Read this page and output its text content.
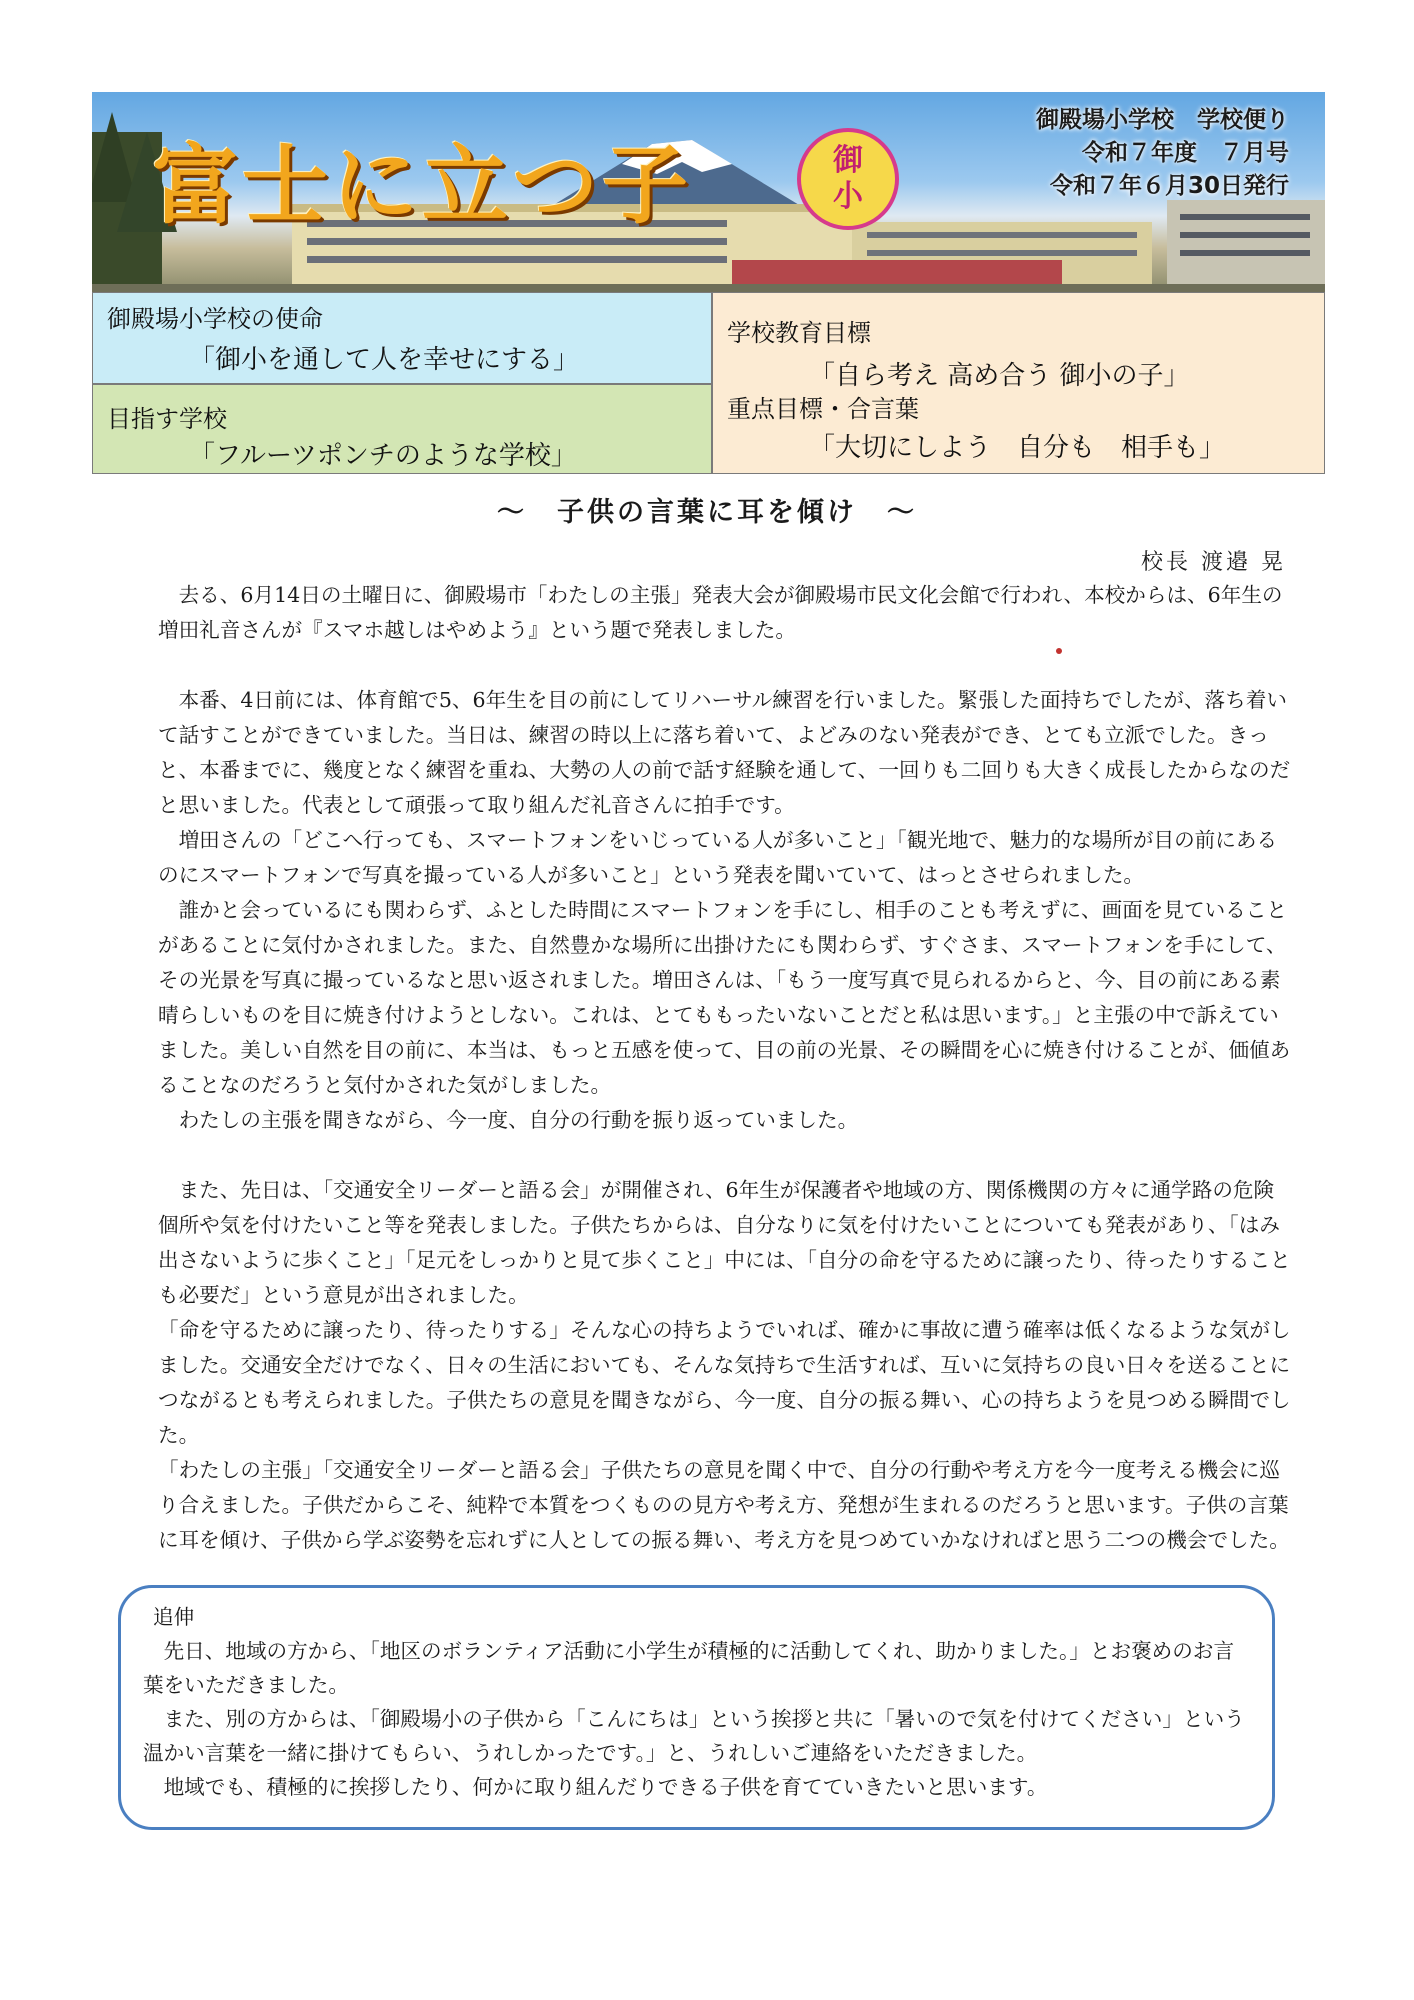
富士に立つ子	御
小
御殿場小学校　学校便り
令和７年度　７月号
令和７年６月30日発行
御殿場小学校の使命
「御小を通して人を幸せにする」
目指す学校
「フルーツポンチのような学校」
学校教育目標
「自ら考え 高め合う 御小の子」
重点目標・合言葉
「大切にしよう　自分も　相手も」
～　子供の言葉に耳を傾け　～
校長 渡邉 晃

　去る、6月14日の土曜日に、御殿場市「わたしの主張」発表大会が御殿場市民文化会館で行われ、本校からは、6年生の増田礼音さんが『スマホ越しはやめよう』という題で発表しました。

　本番、4日前には、体育館で5、6年生を目の前にしてリハーサル練習を行いました。緊張した面持ちでしたが、落ち着いて話すことができていました。当日は、練習の時以上に落ち着いて、よどみのない発表ができ、とても立派でした。きっと、本番までに、幾度となく練習を重ね、大勢の人の前で話す経験を通して、一回りも二回りも大きく成長したからなのだと思いました。代表として頑張って取り組んだ礼音さんに拍手です。

　増田さんの「どこへ行っても、スマートフォンをいじっている人が多いこと」「観光地で、魅力的な場所が目の前にあるのにスマートフォンで写真を撮っている人が多いこと」という発表を聞いていて、はっとさせられました。

　誰かと会っているにも関わらず、ふとした時間にスマートフォンを手にし、相手のことも考えずに、画面を見ていることがあることに気付かされました。また、自然豊かな場所に出掛けたにも関わらず、すぐさま、スマートフォンを手にして、その光景を写真に撮っているなと思い返されました。増田さんは、「もう一度写真で見られるからと、今、目の前にある素晴らしいものを目に焼き付けようとしない。これは、とてももったいないことだと私は思います。」と主張の中で訴えていました。美しい自然を目の前に、本当は、もっと五感を使って、目の前の光景、その瞬間を心に焼き付けることが、価値あることなのだろうと気付かされた気がしました。

　わたしの主張を聞きながら、今一度、自分の行動を振り返っていました。

　また、先日は、「交通安全リーダーと語る会」が開催され、6年生が保護者や地域の方、関係機関の方々に通学路の危険個所や気を付けたいこと等を発表しました。子供たちからは、自分なりに気を付けたいことについても発表があり、「はみ出さないように歩くこと」「足元をしっかりと見て歩くこと」中には、「自分の命を守るために譲ったり、待ったりすることも必要だ」という意見が出されました。

「命を守るために譲ったり、待ったりする」そんな心の持ちようでいれば、確かに事故に遭う確率は低くなるような気がしました。交通安全だけでなく、日々の生活においても、そんな気持ちで生活すれば、互いに気持ちの良い日々を送ることにつながるとも考えられました。子供たちの意見を聞きながら、今一度、自分の振る舞い、心の持ちようを見つめる瞬間でした。

「わたしの主張」「交通安全リーダーと語る会」子供たちの意見を聞く中で、自分の行動や考え方を今一度考える機会に巡り合えました。子供だからこそ、純粋で本質をつくものの見方や考え方、発想が生まれるのだろうと思います。子供の言葉に耳を傾け、子供から学ぶ姿勢を忘れずに人としての振る舞い、考え方を見つめていかなければと思う二つの機会でした。

追伸

　先日、地域の方から、「地区のボランティア活動に小学生が積極的に活動してくれ、助かりました。」とお褒めのお言葉をいただきました。

　また、別の方からは、「御殿場小の子供から「こんにちは」という挨拶と共に「暑いので気を付けてください」という温かい言葉を一緒に掛けてもらい、うれしかったです。」と、うれしいご連絡をいただきました。

　地域でも、積極的に挨拶したり、何かに取り組んだりできる子供を育てていきたいと思います。
